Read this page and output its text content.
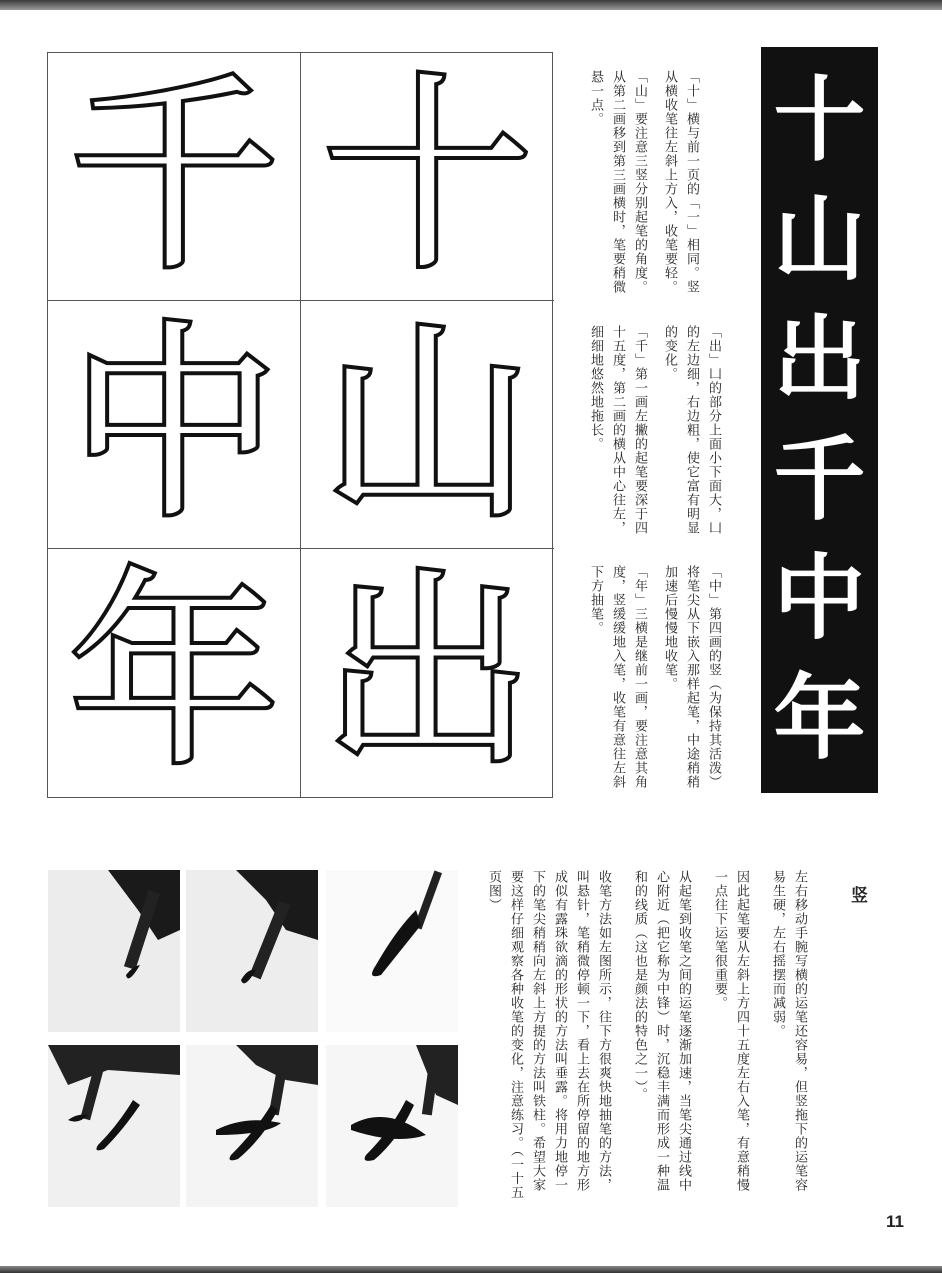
千 十
中 山
年 出

「十」横与前一页的「一」相同。竖从横收笔往左斜上方入，收笔要轻。

「山」要注意三竖分别起笔的角度。从第二画移到第三画横时，笔要稍微悬一点。

「出」凵的部分上面小下面大，凵的左边细，右边粗，使它富有明显的变化。

「千」第一画左撇的起笔要深于四十五度，第二画的横从中心往左，细细地悠然地拖长。

「中」第四画的竖（为保持其活泼）将笔尖从下嵌入那样起笔，中途稍稍加速后慢慢地收笔。

「年」三横是继前一画，要注意其角度，竖缓缓地入笔，收笔有意往左斜下方抽笔。

十
山
出
千
中
年
竖

左右移动手腕写横的运笔还容易，但竖拖下的运笔容易生硬，左右摇摆而减弱。

因此起笔要从左斜上方四十五度左右入笔，有意稍慢一点往下运笔很重要。

从起笔到收笔之间的运笔逐渐加速，当笔尖通过线中心附近（把它称为中锋）时，沉稳丰满而形成一种温和的线质（这也是颜法的特色之一）。

收笔方法如左图所示，往下方很爽快地抽笔的方法，叫悬针，笔稍微停顿一下，看上去在所停留的地方形成似有露珠欲滴的形状的方法叫垂露。将用力地停一下的笔尖稍稍向左斜上方提的方法叫铁柱。希望大家要这样仔细观察各种收笔的变化，注意练习。（一十五页图）

11
